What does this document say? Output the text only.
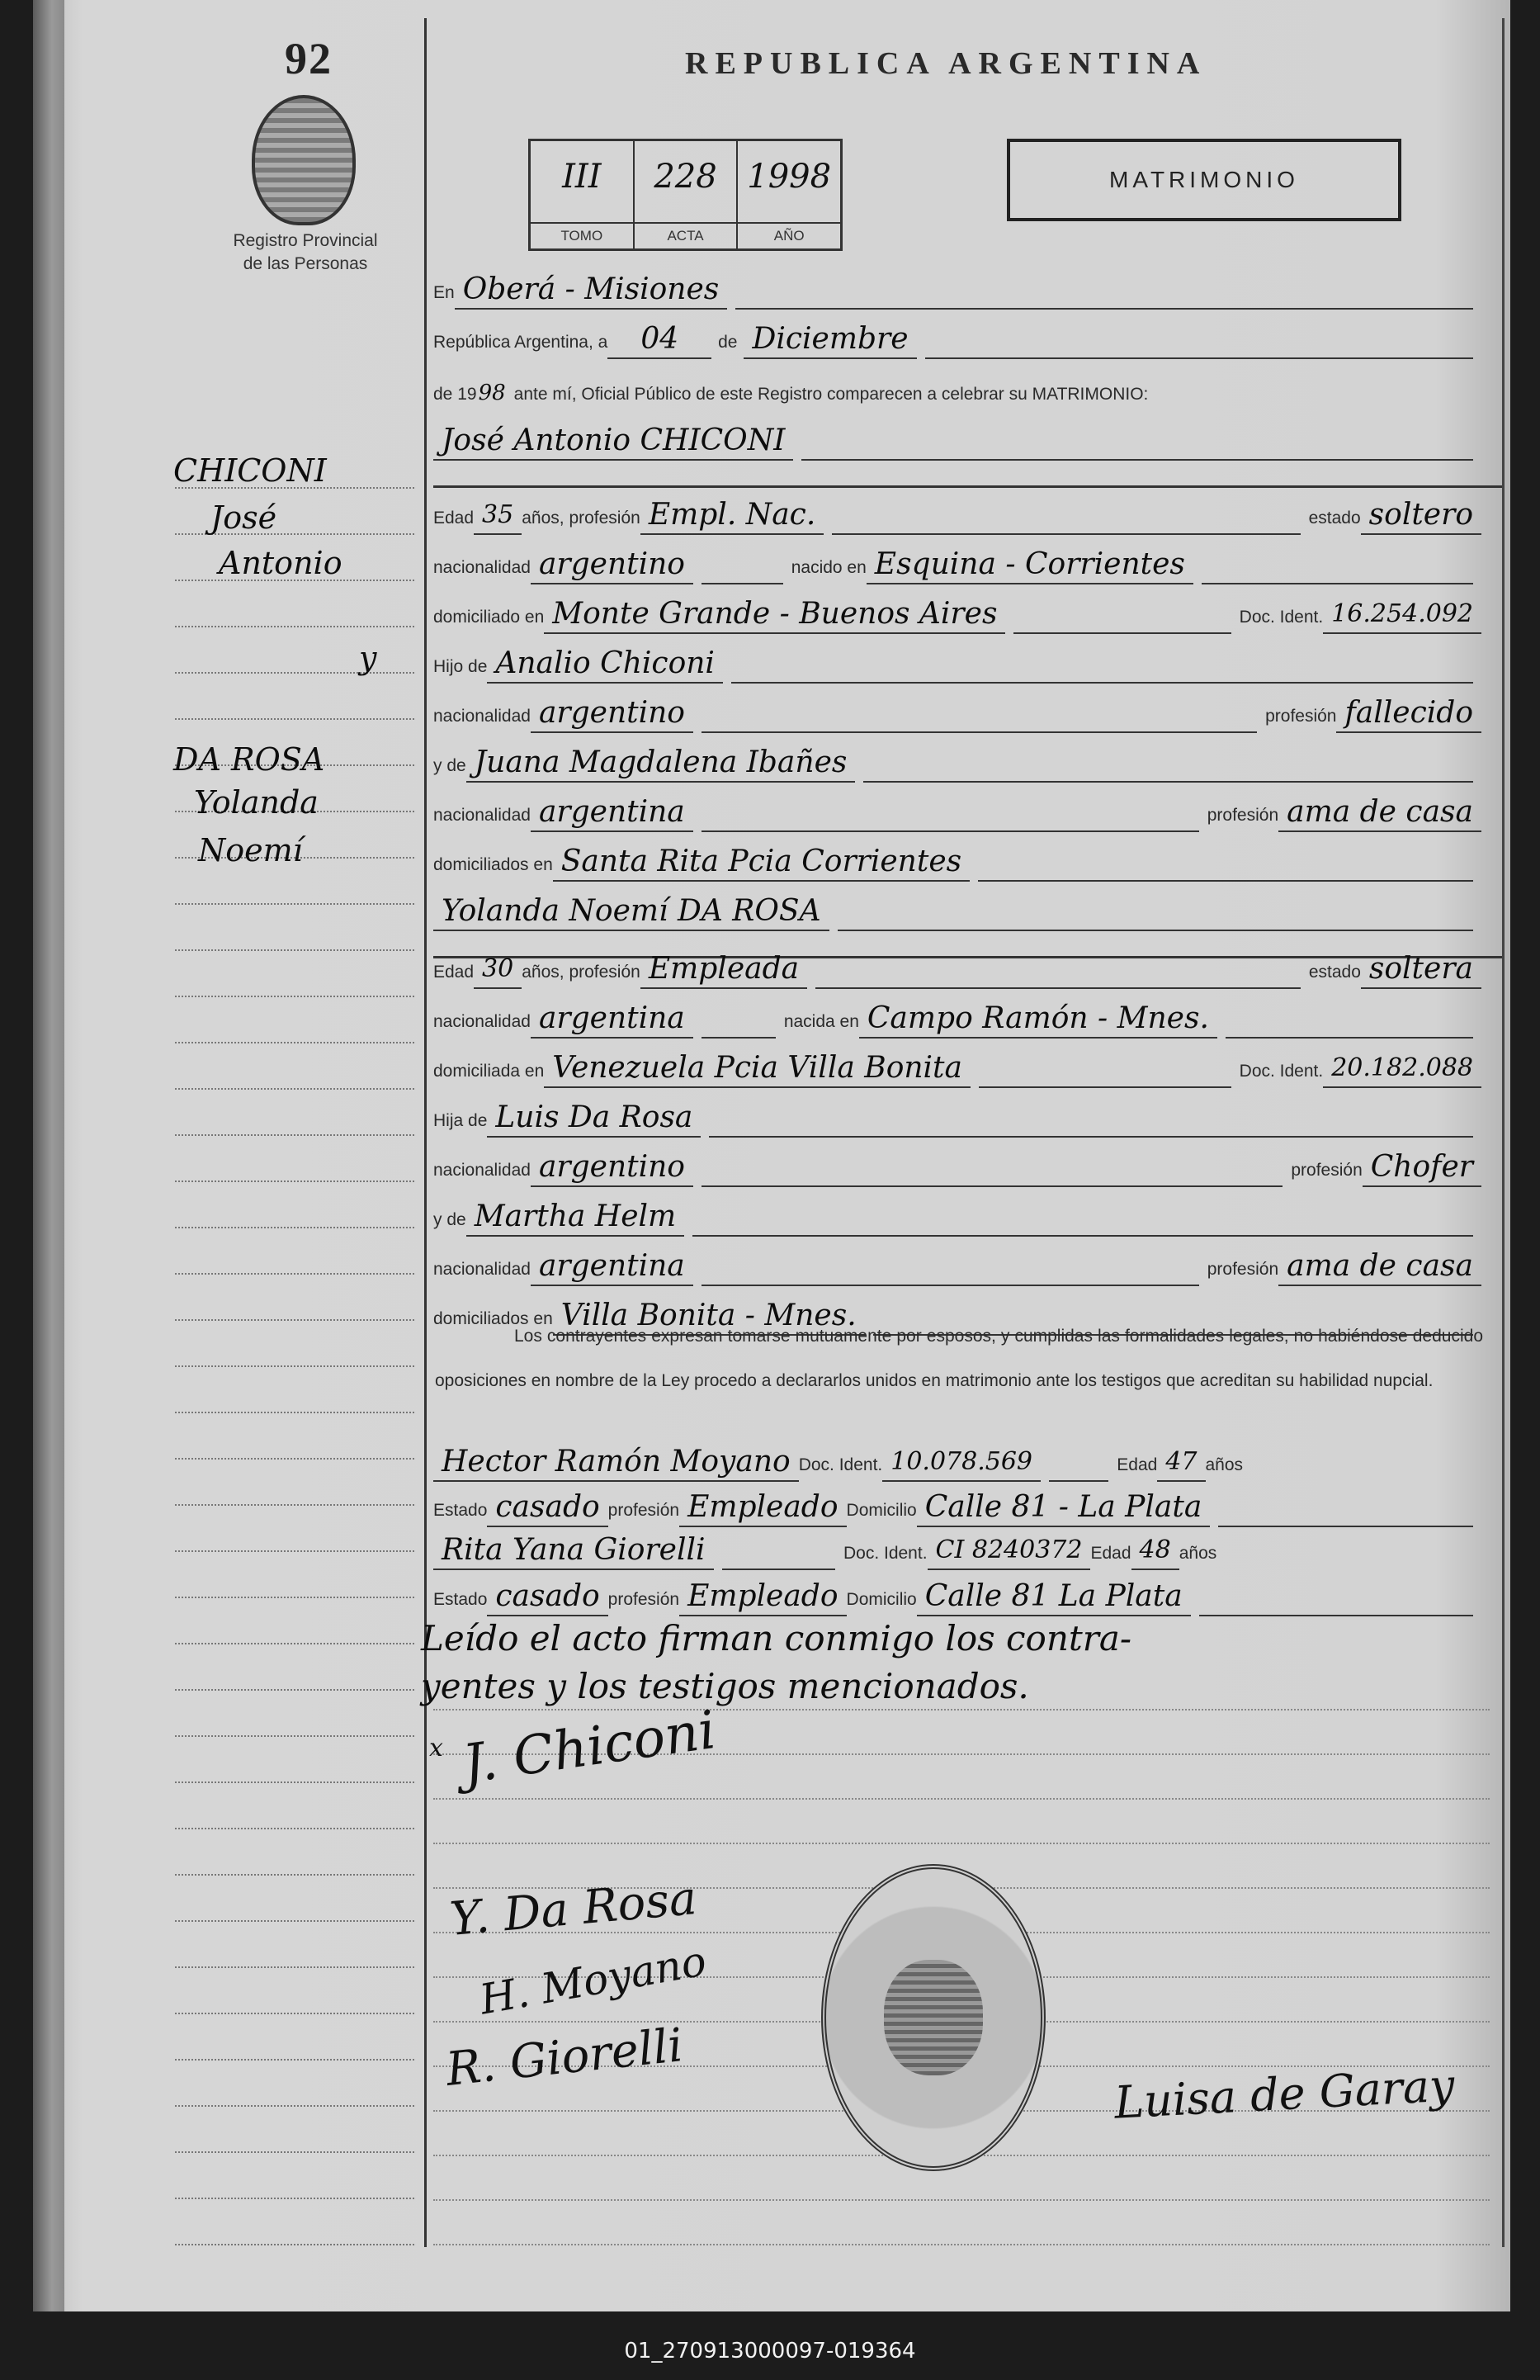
92
Registro Provincial
de las Personas
REPUBLICA ARGENTINA
III
TOMO
228
ACTA
1998
AÑO
MATRIMONIO
CHICONI
José
Antonio
y
DA ROSA
Yolanda
Noemí
En Oberá - Misiones
República Argentina, a	04	de Diciembre
de 19 98 ante mí, Oficial Público de este Registro comparecen a celebrar su MATRIMONIO:
José Antonio CHICONI
Edad 35 años, profesión Empl. Nac.	estado soltero
nacionalidad argentino	nacido en Esquina - Corrientes
domiciliado en Monte Grande - Buenos Aires	Doc. Ident. 16.254.092
Hijo de Analio Chiconi
nacionalidad argentino	profesión fallecido
y de Juana Magdalena Ibañes
nacionalidad argentina	profesión ama de casa
domiciliados en Santa Rita Pcia Corrientes
Yolanda Noemí DA ROSA
Edad 30 años, profesión Empleada	estado soltera
nacionalidad argentina	nacida en Campo Ramón - Mnes.
domiciliada en Venezuela Pcia Villa Bonita	Doc. Ident. 20.182.088
Hija de Luis Da Rosa
nacionalidad argentino	profesión Chofer
y de Martha Helm
nacionalidad argentina	profesión ama de casa
domiciliados en Villa Bonita - Mnes.
Los contrayentes expresan tomarse mutuamente por esposos, y cumplidas las formalidades legales, no habiéndose deducido oposiciones en nombre de la Ley procedo a declararlos unidos en matrimonio ante los testigos que acreditan su habilidad nupcial.
Hector Ramón Moyano Doc. Ident. 10.078.569	Edad 47 años
Estado casado profesión Empleado Domicilio Calle 81 - La Plata
Rita Yana Giorelli	Doc. Ident. CI 8240372 Edad 48 años
Estado casado profesión Empleado Domicilio Calle 81 La Plata
Leído el acto firman conmigo los contra-
yentes y los testigos mencionados.
x J. Chiconi
Y. Da Rosa
H. Moyano
R. Giorelli	Luisa de Garay
01_270913000097-019364
